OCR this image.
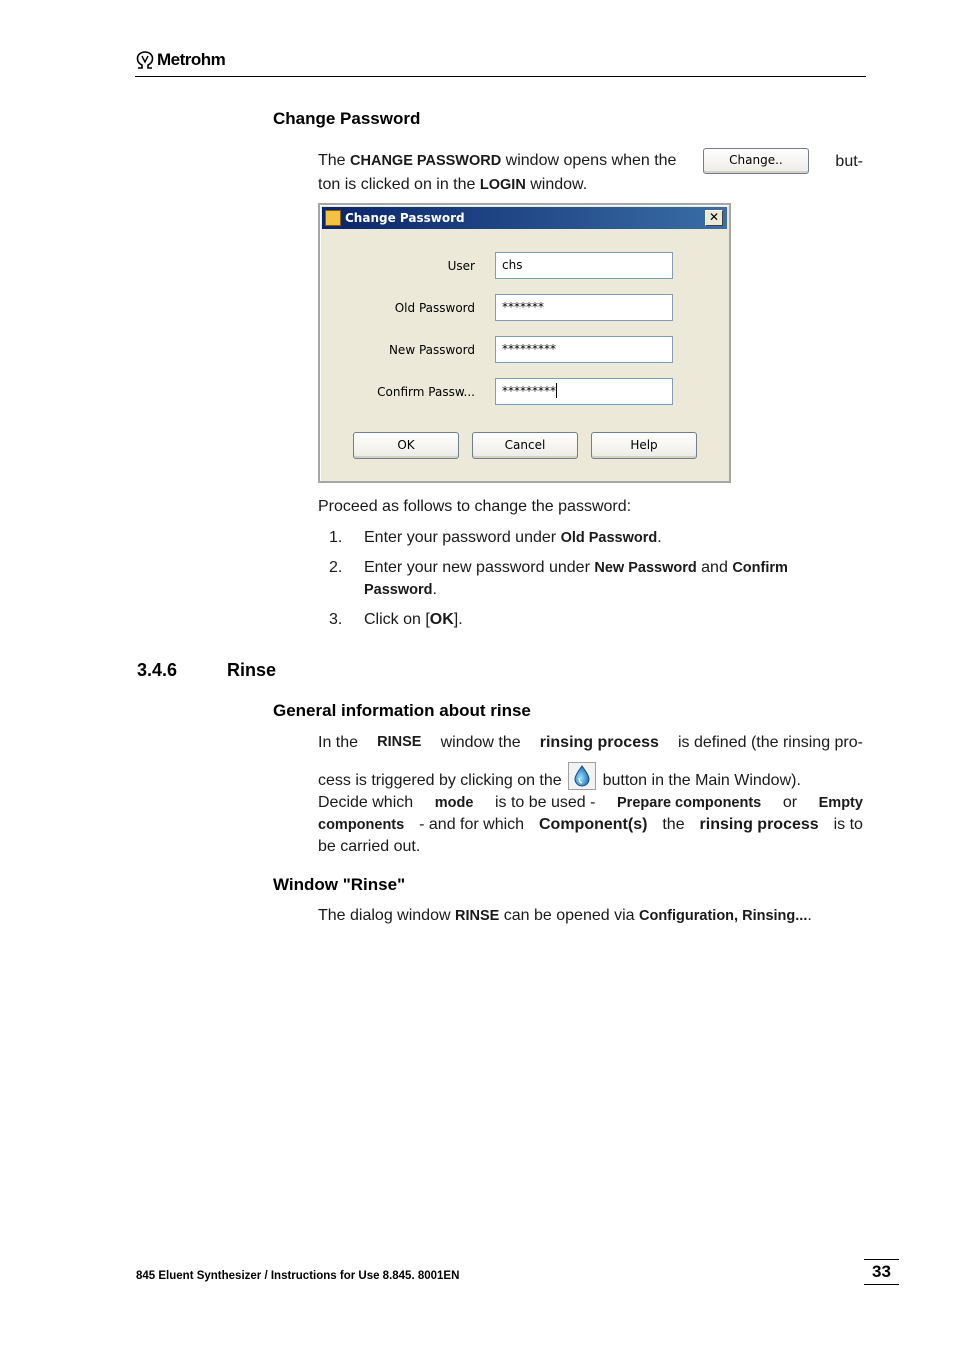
Metrohm
Change Password
The CHANGE PASSWORD window opens when the	Change..	but-
ton is clicked on in the LOGIN window.
Change Password	✕
User	chs
Old Password	*******
New Password	*********
Confirm Passw...	*********
OK	Cancel	Help
Proceed as follows to change the password:
1.	Enter your password under Old Password.
2.	Enter your new password under New Password and Confirm
Password.
3.	Click on [OK].
3.4.6	Rinse
General information about rinse
In the RINSE window the rinsing process is defined (the rinsing pro-
cess is triggered by clicking on the	button in the Main Window).
Decide which mode is to be used - Prepare components or Empty
components - and for which Component(s) the rinsing process is to
be carried out.
Window "Rinse"
The dialog window RINSE can be opened via Configuration, Rinsing....
845 Eluent Synthesizer / Instructions for Use 8.845. 8001EN	33
